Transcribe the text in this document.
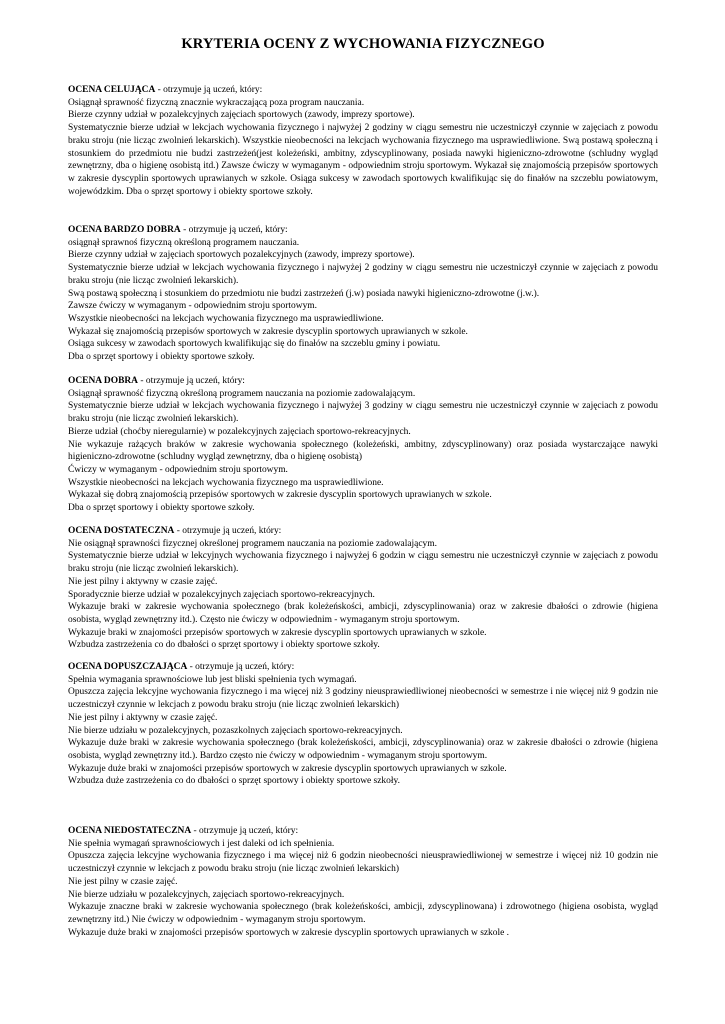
KRYTERIA OCENY Z WYCHOWANIA FIZYCZNEGO
OCENA CELUJĄCA - otrzymuje ją uczeń, który:

Osiągnął sprawność fizyczną znacznie wykraczającą poza program nauczania.

Bierze czynny udział w pozalekcyjnych zajęciach sportowych (zawody, imprezy sportowe).

Systematycznie bierze udział w lekcjach wychowania fizycznego i najwyżej 2 godziny w ciągu semestru nie uczestniczył czynnie w zajęciach z powodu braku stroju (nie licząc zwolnień lekarskich). Wszystkie nieobecności na lekcjach wychowania fizycznego ma usprawiedliwione. Swą postawą społeczną i stosunkiem do przedmiotu nie budzi zastrzeżeń(jest koleżeński, ambitny, zdyscyplinowany, posiada nawyki higieniczno-zdrowotne (schludny wygląd zewnętrzny, dba o higienę osobistą itd.) Zawsze ćwiczy w wymaganym - odpowiednim stroju sportowym. Wykazał się znajomością przepisów sportowych w zakresie dyscyplin sportowych uprawianych w szkole. Osiąga sukcesy w zawodach sportowych kwalifikując się do finałów na szczeblu powiatowym, wojewódzkim. Dba o sprzęt sportowy i obiekty sportowe szkoły.

OCENA BARDZO DOBRA - otrzymuje ją uczeń, który:

osiągnął sprawnoś fizyczną określoną programem nauczania.

Bierze czynny udział w zajęciach sportowych pozalekcyjnych (zawody, imprezy sportowe).

Systematycznie bierze udział w lekcjach wychowania fizycznego i najwyżej 2 godziny w ciągu semestru nie uczestniczył czynnie w zajęciach z powodu braku stroju (nie licząc zwolnień lekarskich).

Swą postawą społeczną i stosunkiem do przedmiotu nie budzi zastrzeżeń (j.w) posiada nawyki higieniczno-zdrowotne (j.w.).

Zawsze ćwiczy w wymaganym - odpowiednim stroju sportowym.

Wszystkie nieobecności na lekcjach wychowania fizycznego ma usprawiedliwione.

Wykazał się znajomością przepisów sportowych w zakresie dyscyplin sportowych uprawianych w szkole.

Osiąga sukcesy w zawodach sportowych kwalifikując się do finałów na szczeblu gminy i powiatu.

Dba o sprzęt sportowy i obiekty sportowe szkoły.

OCENA DOBRA - otrzymuje ją uczeń, który:

Osiągnął sprawność fizyczną określoną programem nauczania na poziomie zadowalającym.

Systematycznie bierze udział w lekcjach wychowania fizycznego i najwyżej 3 godziny w ciągu semestru nie uczestniczył czynnie w zajęciach z powodu braku stroju (nie licząc zwolnień lekarskich).

Bierze udział (choćby nieregularnie) w pozalekcyjnych zajęciach sportowo-rekreacyjnych.

Nie wykazuje rażących braków w zakresie wychowania społecznego (koleżeński, ambitny, zdyscyplinowany) oraz posiada wystarczające nawyki higieniczno-zdrowotne (schludny wygląd zewnętrzny, dba o higienę osobistą)

Ćwiczy w wymaganym - odpowiednim stroju sportowym.

Wszystkie nieobecności na lekcjach wychowania fizycznego ma usprawiedliwione.

Wykazał się dobrą znajomością przepisów sportowych w zakresie dyscyplin sportowych uprawianych w szkole.

Dba o sprzęt sportowy i obiekty sportowe szkoły.

OCENA DOSTATECZNA - otrzymuje ją uczeń, który:

Nie osiągnął sprawności fizycznej określonej programem nauczania na poziomie zadowalającym.

Systematycznie bierze udział w lekcyjnych wychowania fizycznego i najwyżej 6 godzin w ciągu semestru nie uczestniczył czynnie w zajęciach z powodu braku stroju (nie licząc zwolnień lekarskich).

Nie jest pilny i aktywny w czasie zajęć.

Sporadycznie bierze udział w pozalekcyjnych zajęciach sportowo-rekreacyjnych.

Wykazuje braki w zakresie wychowania społecznego (brak koleżeńskości, ambicji, zdyscyplinowania) oraz w zakresie dbałości o zdrowie (higiena osobista, wygląd zewnętrzny itd.). Często nie ćwiczy w odpowiednim - wymaganym stroju sportowym.

Wykazuje braki w znajomości przepisów sportowych w zakresie dyscyplin sportowych uprawianych w szkole.

Wzbudza zastrzeżenia co do dbałości o sprzęt sportowy i obiekty sportowe szkoły.

OCENA DOPUSZCZAJĄCA - otrzymuje ją uczeń, który:

Spełnia wymagania sprawnościowe lub jest bliski spełnienia tych wymagań.

Opuszcza zajęcia lekcyjne wychowania fizycznego i ma więcej niż 3 godziny nieusprawiedliwionej nieobecności w semestrze i nie więcej niż 9 godzin nie uczestniczył czynnie w lekcjach z powodu braku stroju (nie licząc zwolnień lekarskich)

Nie jest pilny i aktywny w czasie zajęć.

Nie bierze udziału w pozalekcyjnych, pozaszkolnych zajęciach sportowo-rekreacyjnych.

Wykazuje duże braki w zakresie wychowania społecznego (brak koleżeńskości, ambicji, zdyscyplinowania) oraz w zakresie dbałości o zdrowie (higiena osobista, wygląd zewnętrzny itd.). Bardzo często nie ćwiczy w odpowiednim - wymaganym stroju sportowym.

Wykazuje duże braki w znajomości przepisów sportowych w zakresie dyscyplin sportowych uprawianych w szkole.

Wzbudza duże zastrzeżenia co do dbałości o sprzęt sportowy i obiekty sportowe szkoły.

OCENA NIEDOSTATECZNA - otrzymuje ją uczeń, który:

Nie spełnia wymagań sprawnościowych i jest daleki od ich spełnienia.

Opuszcza zajęcia lekcyjne wychowania fizycznego i ma więcej niż 6 godzin nieobecności nieusprawiedliwionej w semestrze i więcej niż 10 godzin nie uczestniczył czynnie w lekcjach z powodu braku stroju (nie licząc zwolnień lekarskich)

Nie jest pilny w czasie zajęć.

Nie bierze udziału w pozalekcyjnych, zajęciach sportowo-rekreacyjnych.

Wykazuje znaczne braki w zakresie wychowania społecznego (brak koleżeńskości, ambicji, zdyscyplinowana) i zdrowotnego (higiena osobista, wygląd zewnętrzny itd.) Nie ćwiczy w odpowiednim - wymaganym stroju sportowym.

Wykazuje duże braki w znajomości przepisów sportowych w zakresie dyscyplin sportowych uprawianych w szkole .
